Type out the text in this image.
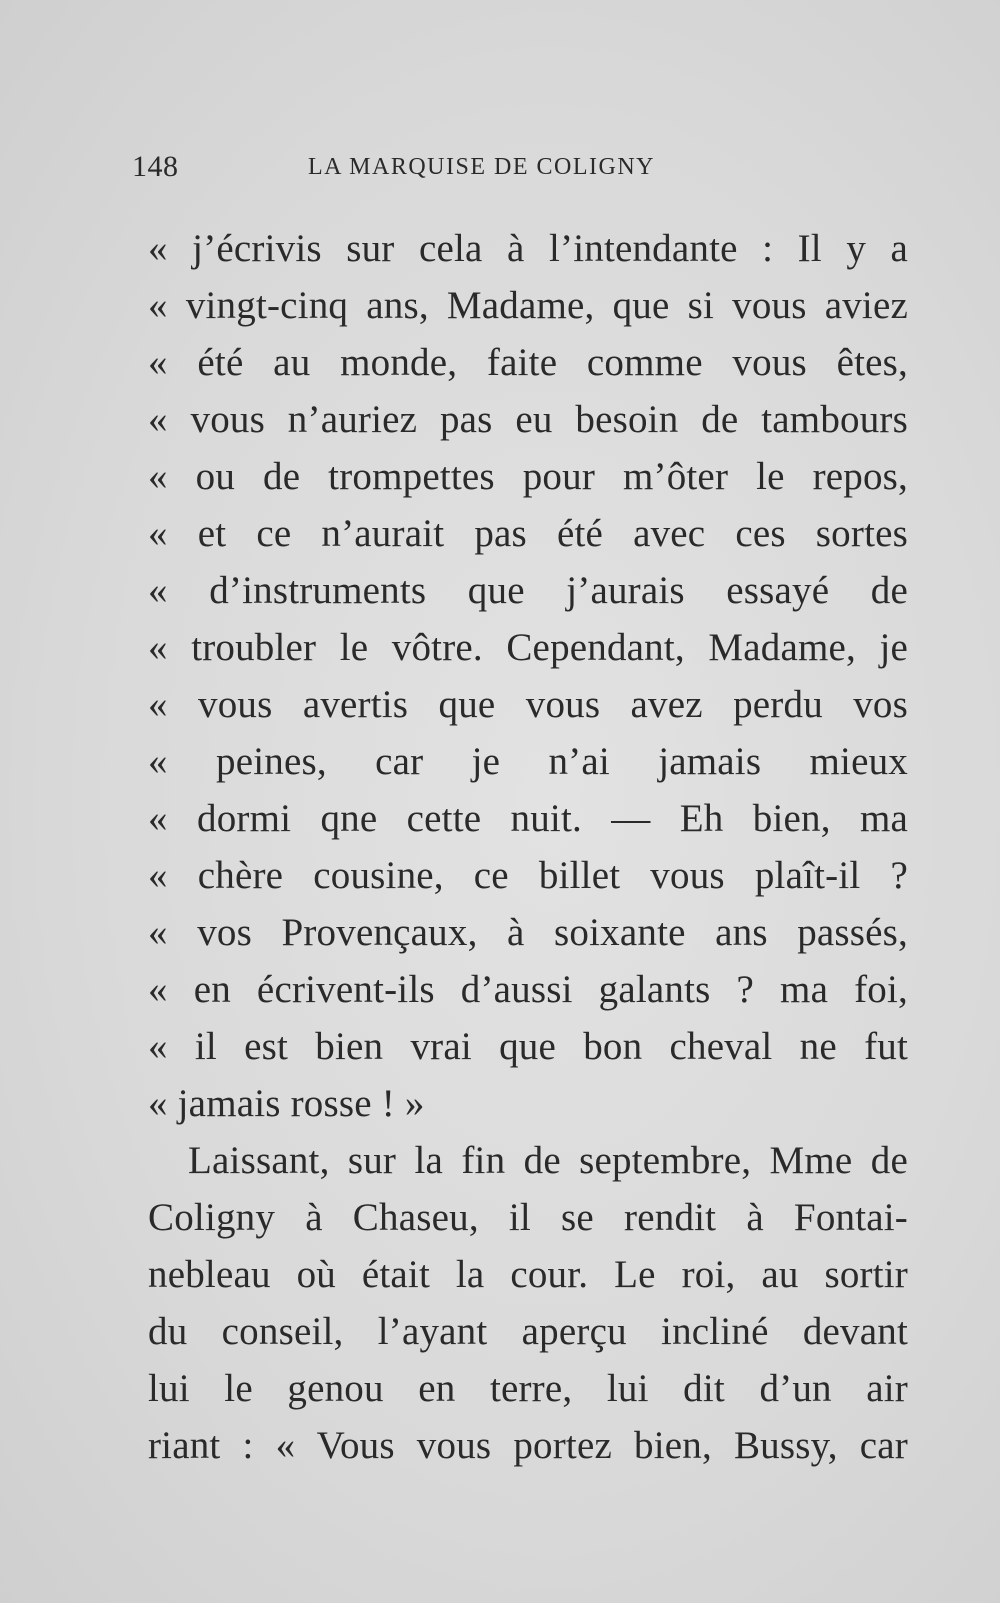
148	LA MARQUISE DE COLIGNY
« j’écrivis sur cela à l’intendante : Il y a
« vingt-cinq ans, Madame, que si vous aviez
« été au monde, faite comme vous êtes,
« vous n’auriez pas eu besoin de tambours
« ou de trompettes pour m’ôter le repos,
« et ce n’aurait pas été avec ces sortes
« d’instruments que j’aurais essayé de
« troubler le vôtre. Cependant, Madame, je
« vous avertis que vous avez perdu vos
« peines, car je n’ai jamais mieux
« dormi qne cette nuit. — Eh bien, ma
« chère cousine, ce billet vous plaît-il ?
« vos Provençaux, à soixante ans passés,
« en écrivent-ils d’aussi galants ? ma foi,
« il est bien vrai que bon cheval ne fut
« jamais rosse ! »
Laissant, sur la fin de septembre, Mme de
Coligny à Chaseu, il se rendit à Fontai-
nebleau où était la cour. Le roi, au sortir
du conseil, l’ayant aperçu incliné devant
lui le genou en terre, lui dit d’un air
riant : « Vous vous portez bien, Bussy, car
